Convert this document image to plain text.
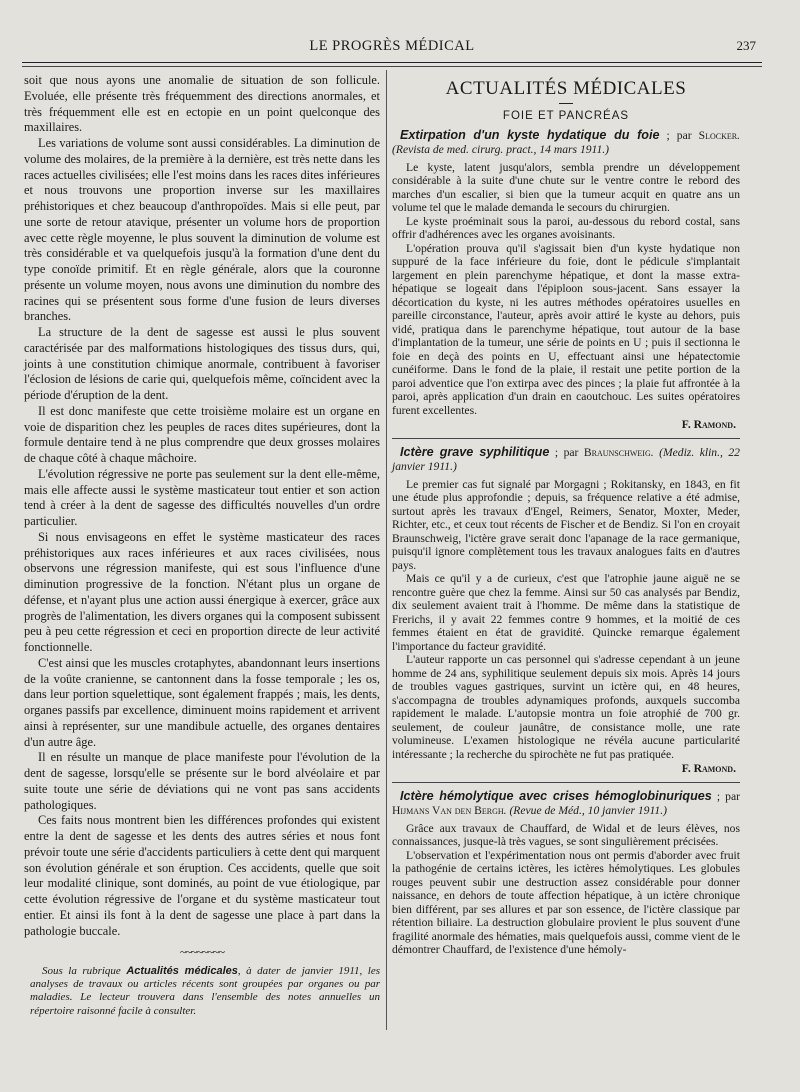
LE PROGRÈS MÉDICAL	237

soit que nous ayons une anomalie de situation de son follicule. Evoluée, elle présente très fréquemment des directions anormales, et très fréquemment elle est en ectopie en un point quelconque des maxillaires.

Les variations de volume sont aussi considérables. La diminution de volume des molaires, de la première à la dernière, est très nette dans les races actuelles civilisées; elle l'est moins dans les races dites inférieures et nous trouvons une proportion inverse sur les maxillaires préhistoriques et chez beaucoup d'anthropoïdes. Mais si elle peut, par une sorte de retour atavique, présenter un volume hors de proportion avec cette règle moyenne, le plus souvent la diminution de volume est très considérable et va quelquefois jusqu'à la formation d'une dent du type conoïde primitif. Et en règle générale, alors que la couronne présente un volume moyen, nous avons une diminution du nombre des racines qui se présentent sous forme d'une fusion de leurs diverses branches.

La structure de la dent de sagesse est aussi le plus souvent caractérisée par des malformations histologiques des tissus durs, qui, joints à une constitution chimique anormale, contribuent à favoriser l'éclosion de lésions de carie qui, quelquefois même, coïncident avec la période d'éruption de la dent.

Il est donc manifeste que cette troisième molaire est un organe en voie de disparition chez les peuples de races dites supérieures, dont la formule dentaire tend à ne plus comprendre que deux grosses molaires de chaque côté à chaque mâchoire.

L'évolution régressive ne porte pas seulement sur la dent elle-même, mais elle affecte aussi le système masticateur tout entier et son action tend à créer à la dent de sagesse des difficultés nouvelles d'un ordre particulier.

Si nous envisageons en effet le système masticateur des races préhistoriques aux races inférieures et aux races civilisées, nous observons une régression manifeste, qui est sous l'influence d'une diminution progressive de la fonction. N'étant plus un organe de défense, et n'ayant plus une action aussi énergique à exercer, grâce aux progrès de l'alimentation, les divers organes qui la composent subissent peu à peu cette régression et ceci en proportion directe de leur activité fonctionnelle.

C'est ainsi que les muscles crotaphytes, abandonnant leurs insertions de la voûte cranienne, se cantonnent dans la fosse temporale ; les os, dans leur portion squelettique, sont également frappés ; mais, les dents, organes passifs par excellence, diminuent moins rapidement et arrivent ainsi à représenter, sur une mandibule actuelle, des organes dentaires d'un autre âge.

Il en résulte un manque de place manifeste pour l'évolution de la dent de sagesse, lorsqu'elle se présente sur le bord alvéolaire et par suite toute une série de déviations qui ne vont pas sans accidents pathologiques.

Ces faits nous montrent bien les différences profondes qui existent entre la dent de sagesse et les dents des autres séries et nous font prévoir toute une série d'accidents particuliers à cette dent qui marquent son évolution générale et son éruption. Ces accidents, quelle que soit leur modalité clinique, sont dominés, au point de vue étiologique, par cette évolution régressive de l'organe et du système masticateur tout entier. Et ainsi ils font à la dent de sagesse une place à part dans la pathologie buccale.

~~~~~~~~
Sous la rubrique Actualités médicales, à dater de janvier 1911, les analyses de travaux ou articles récents sont groupées par organes ou par maladies. Le lecteur trouvera dans l'ensemble des notes annuelles un répertoire raisonné facile à consulter.
ACTUALITÉS MÉDICALES
FOIE ET PANCRÉAS
Extirpation d'un kyste hydatique du foie ; par Slocker. (Revista de med. cirurg. pract., 14 mars 1911.)

Le kyste, latent jusqu'alors, sembla prendre un développement considérable à la suite d'une chute sur le ventre contre le rebord des marches d'un escalier, si bien que la tumeur acquit en quatre ans un volume tel que le malade demanda le secours du chirurgien.

Le kyste proéminait sous la paroi, au-dessous du rebord costal, sans offrir d'adhérences avec les organes avoisinants.

L'opération prouva qu'il s'agissait bien d'un kyste hydatique non suppuré de la face inférieure du foie, dont le pédicule s'implantait largement en plein parenchyme hépatique, et dont la masse extra-hépatique se logeait dans l'épiploon sous-jacent. Sans essayer la décortication du kyste, ni les autres méthodes opératoires usuelles en pareille circonstance, l'auteur, après avoir attiré le kyste au dehors, puis vidé, pratiqua dans le parenchyme hépatique, tout autour de la base d'implantation de la tumeur, une série de points en U ; puis il sectionna le foie en deçà des points en U, effectuant ainsi une hépatectomie cunéiforme. Dans le fond de la plaie, il restait une petite portion de la paroi adventice que l'on extirpa avec des pinces ; la plaie fut affrontée à la paroi, après application d'un drain en caoutchouc. Les suites opératoires furent excellentes.

F. Ramond.
Ictère grave syphilitique ; par Braunschweig. (Mediz. klin., 22 janvier 1911.)

Le premier cas fut signalé par Morgagni ; Rokitansky, en 1843, en fit une étude plus approfondie ; depuis, sa fréquence relative a été admise, surtout après les travaux d'Engel, Reimers, Senator, Moxter, Meder, Richter, etc., et ceux tout récents de Fischer et de Bendiz. Si l'on en croyait Braunschweig, l'ictère grave serait donc l'apanage de la race germanique, puisqu'il ignore complètement tous les travaux analogues faits en d'autres pays.

Mais ce qu'il y a de curieux, c'est que l'atrophie jaune aiguë ne se rencontre guère que chez la femme. Ainsi sur 50 cas analysés par Bendiz, dix seulement avaient trait à l'homme. De même dans la statistique de Frerichs, il y avait 22 femmes contre 9 hommes, et la moitié de ces femmes étaient en état de gravidité. Quincke remarque également l'importance du facteur gravidité.

L'auteur rapporte un cas personnel qui s'adresse cependant à un jeune homme de 24 ans, syphilitique seulement depuis six mois. Après 14 jours de troubles vagues gastriques, survint un ictère qui, en 48 heures, s'accompagna de troubles adynamiques profonds, auxquels succomba rapidement le malade. L'autopsie montra un foie atrophié de 700 gr. seulement, de couleur jaunâtre, de consistance molle, une rate volumineuse. L'examen histologique ne révéla aucune particularité intéressante ; la recherche du spirochète ne fut pas pratiquée.

F. Ramond.
Ictère hémolytique avec crises hémoglobinuriques ; par Hijmans Van den Bergh. (Revue de Méd., 10 janvier 1911.)

Grâce aux travaux de Chauffard, de Widal et de leurs élèves, nos connaissances, jusque-là très vagues, se sont singulièrement précisées.

L'observation et l'expérimentation nous ont permis d'aborder avec fruit la pathogénie de certains ictères, les ictères hémolytiques. Les globules rouges peuvent subir une destruction assez considérable pour donner naissance, en dehors de toute affection hépatique, à un ictère chronique bien différent, par ses allures et par son essence, de l'ictère classique par rétention biliaire. La destruction globulaire provient le plus souvent d'une fragilité anormale des hématies, mais quelquefois aussi, comme vient de le démontrer Chauffard, de l'existence d'une hémoly-
